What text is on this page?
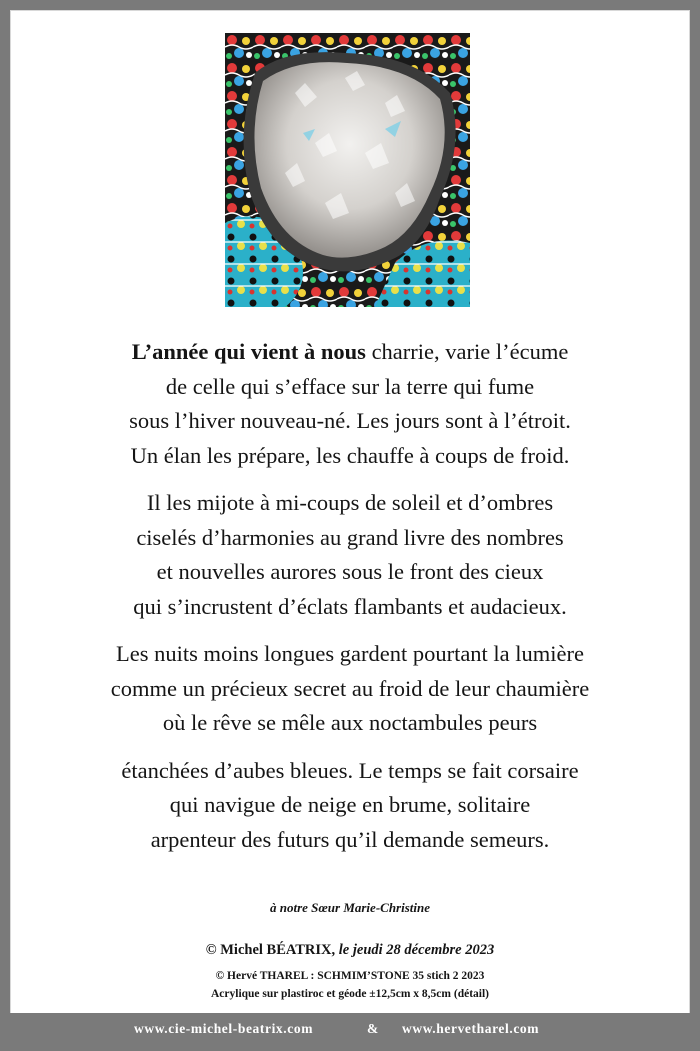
L’année qui vient à nous charrie, varie l’écume
de celle qui s’efface sur la terre qui fume
sous l’hiver nouveau-né. Les jours sont à l’étroit.
Un élan les prépare, les chauffe à coups de froid.
Il les mijote à mi-coups de soleil et d’ombres
ciselés d’harmonies au grand livre des nombres
et nouvelles aurores sous le front des cieux
qui s’incrustent d’éclats flambants et audacieux.
Les nuits moins longues gardent pourtant la lumière
comme un précieux secret au froid de leur chaumière
où le rêve se mêle aux noctambules peurs
étanchées d’aubes bleues. Le temps se fait corsaire
qui navigue de neige en brume, solitaire
arpenteur des futurs qu’il demande semeurs.
à notre Sœur Marie-Christine
© Michel BÉATRIX, le jeudi 28 décembre 2023
© Hervé THAREL : SCHMIM’STONE 35 stich 2 2023
Acrylique sur plastiroc et géode ±12,5cm x 8,5cm (détail)
www.cie-michel-beatrix.com	& www.hervetharel.com
